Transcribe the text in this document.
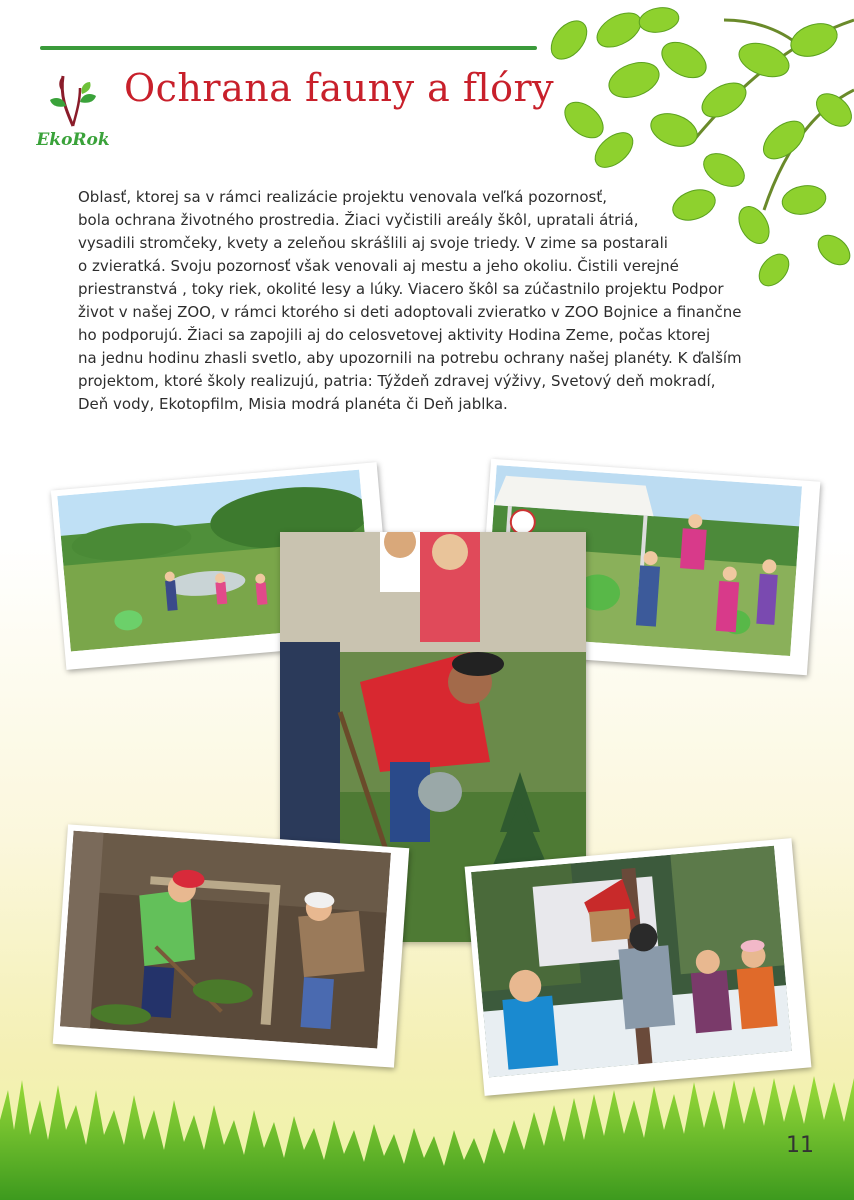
EkoRok
Ochrana fauny a flóry

Oblasť, ktorej sa v rámci realizácie projektu venovala veľká pozornosť,

bola ochrana životného prostredia. Žiaci vyčistili areály škôl, upratali átriá,

vysadili stromčeky, kvety a zeleňou skrášlili aj svoje triedy. V zime sa postarali

o zvieratká. Svoju pozornosť však venovali aj mestu a jeho okoliu. Čistili verejné

priestranstvá , toky riek, okolité lesy a lúky. Viacero škôl sa zúčastnilo projektu Podpor

život v našej ZOO, v rámci ktorého si deti adoptovali zvieratko v ZOO Bojnice a finančne

ho podporujú. Žiaci sa zapojili aj do celosvetovej aktivity Hodina Zeme, počas ktorej

na jednu hodinu zhasli svetlo, aby upozornili na potrebu ochrany našej planéty. K ďalším

projektom, ktoré školy realizujú, patria: Týždeň zdravej výživy, Svetový deň mokradí,

Deň vody, Ekotopfilm, Misia modrá planéta či Deň jablka.

11
